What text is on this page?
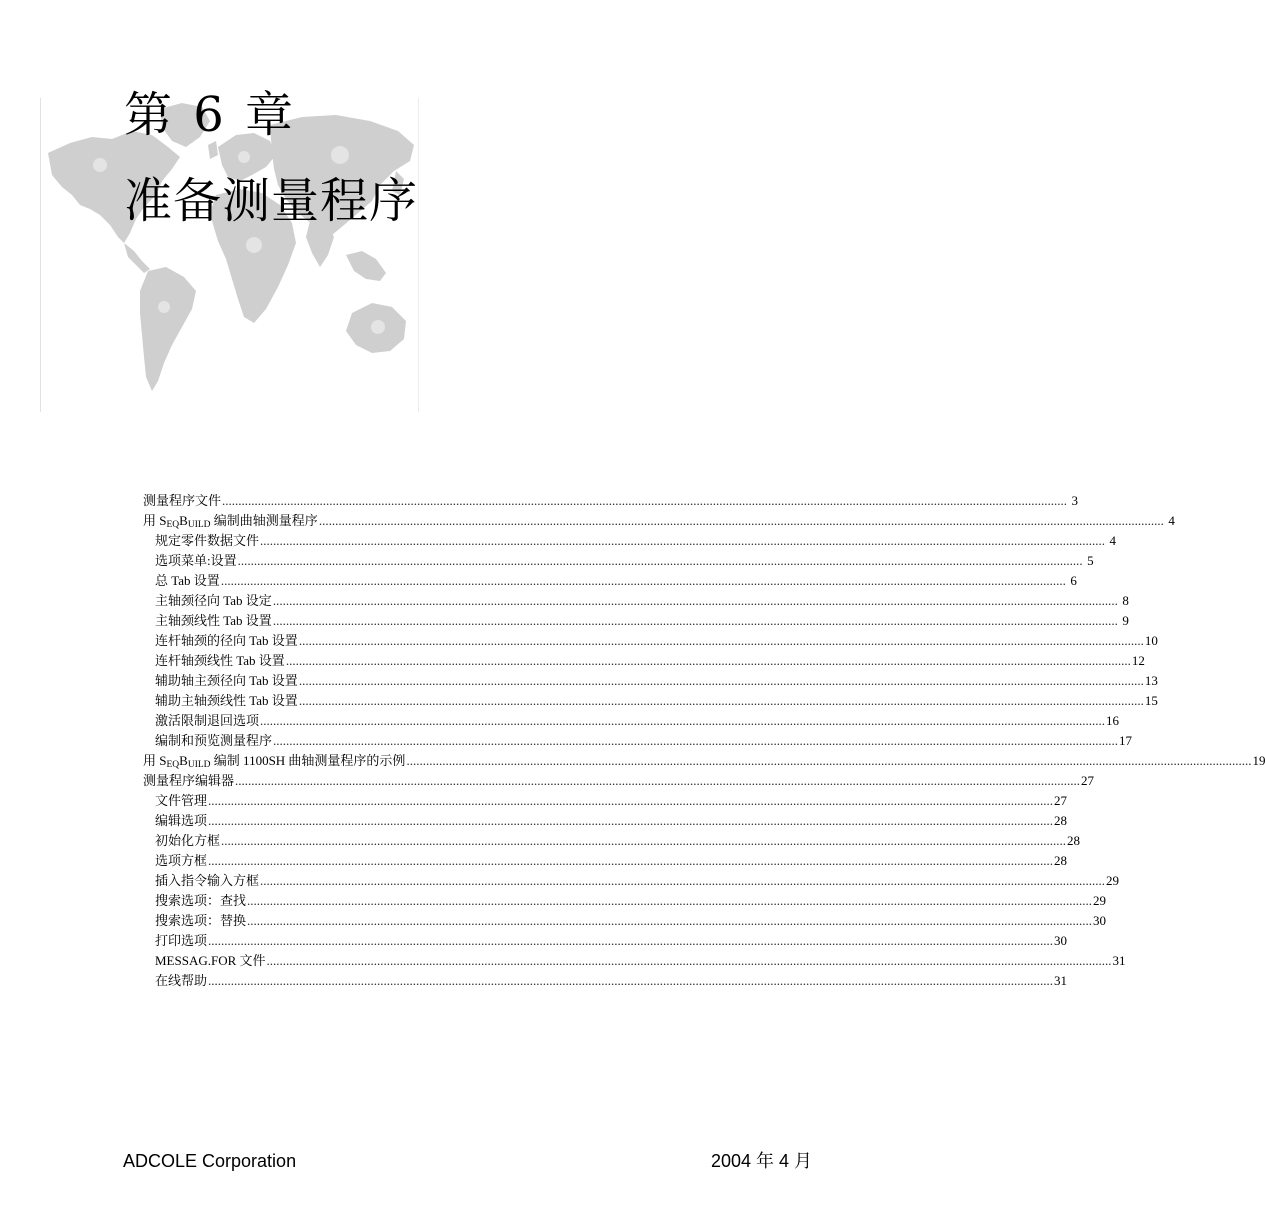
第 6 章
准备测量程序
测量程序文件 .................................................................................................................................................................................................................................................................... 3
用 SEQBUILD 编制曲轴测量程序 .................................................................................................................................................................................................................................................................... 4
规定零件数据文件 .................................................................................................................................................................................................................................................................... 4
选项菜单:设置 .................................................................................................................................................................................................................................................................... 5
总 Tab 设置 .................................................................................................................................................................................................................................................................... 6
主轴颈径向 Tab 设定 .................................................................................................................................................................................................................................................................... 8
主轴颈线性 Tab 设置 .................................................................................................................................................................................................................................................................... 9
连杆轴颈的径向 Tab 设置 .................................................................................................................................................................................................................................................................... 10
连杆轴颈线性 Tab 设置 .................................................................................................................................................................................................................................................................... 12
辅助轴主颈径向 Tab 设置 .................................................................................................................................................................................................................................................................... 13
辅助主轴颈线性 Tab 设置 .................................................................................................................................................................................................................................................................... 15
激活限制退回选项 .................................................................................................................................................................................................................................................................... 16
编制和预览测量程序 .................................................................................................................................................................................................................................................................... 17
用 SEQBUILD 编制 1100SH 曲轴测量程序的示例 .................................................................................................................................................................................................................................................................... 19
测量程序编辑器 .................................................................................................................................................................................................................................................................... 27
文件管理 .................................................................................................................................................................................................................................................................... 27
编辑选项 .................................................................................................................................................................................................................................................................... 28
初始化方框 .................................................................................................................................................................................................................................................................... 28
选项方框 .................................................................................................................................................................................................................................................................... 28
插入指令输入方框 .................................................................................................................................................................................................................................................................... 29
搜索选项：查找 .................................................................................................................................................................................................................................................................... 29
搜索选项：替换 .................................................................................................................................................................................................................................................................... 30
打印选项 .................................................................................................................................................................................................................................................................... 30
MESSAG.FOR 文件 .................................................................................................................................................................................................................................................................... 31
在线帮助 .................................................................................................................................................................................................................................................................... 31
ADCOLE Corporation	2004 年 4 月
